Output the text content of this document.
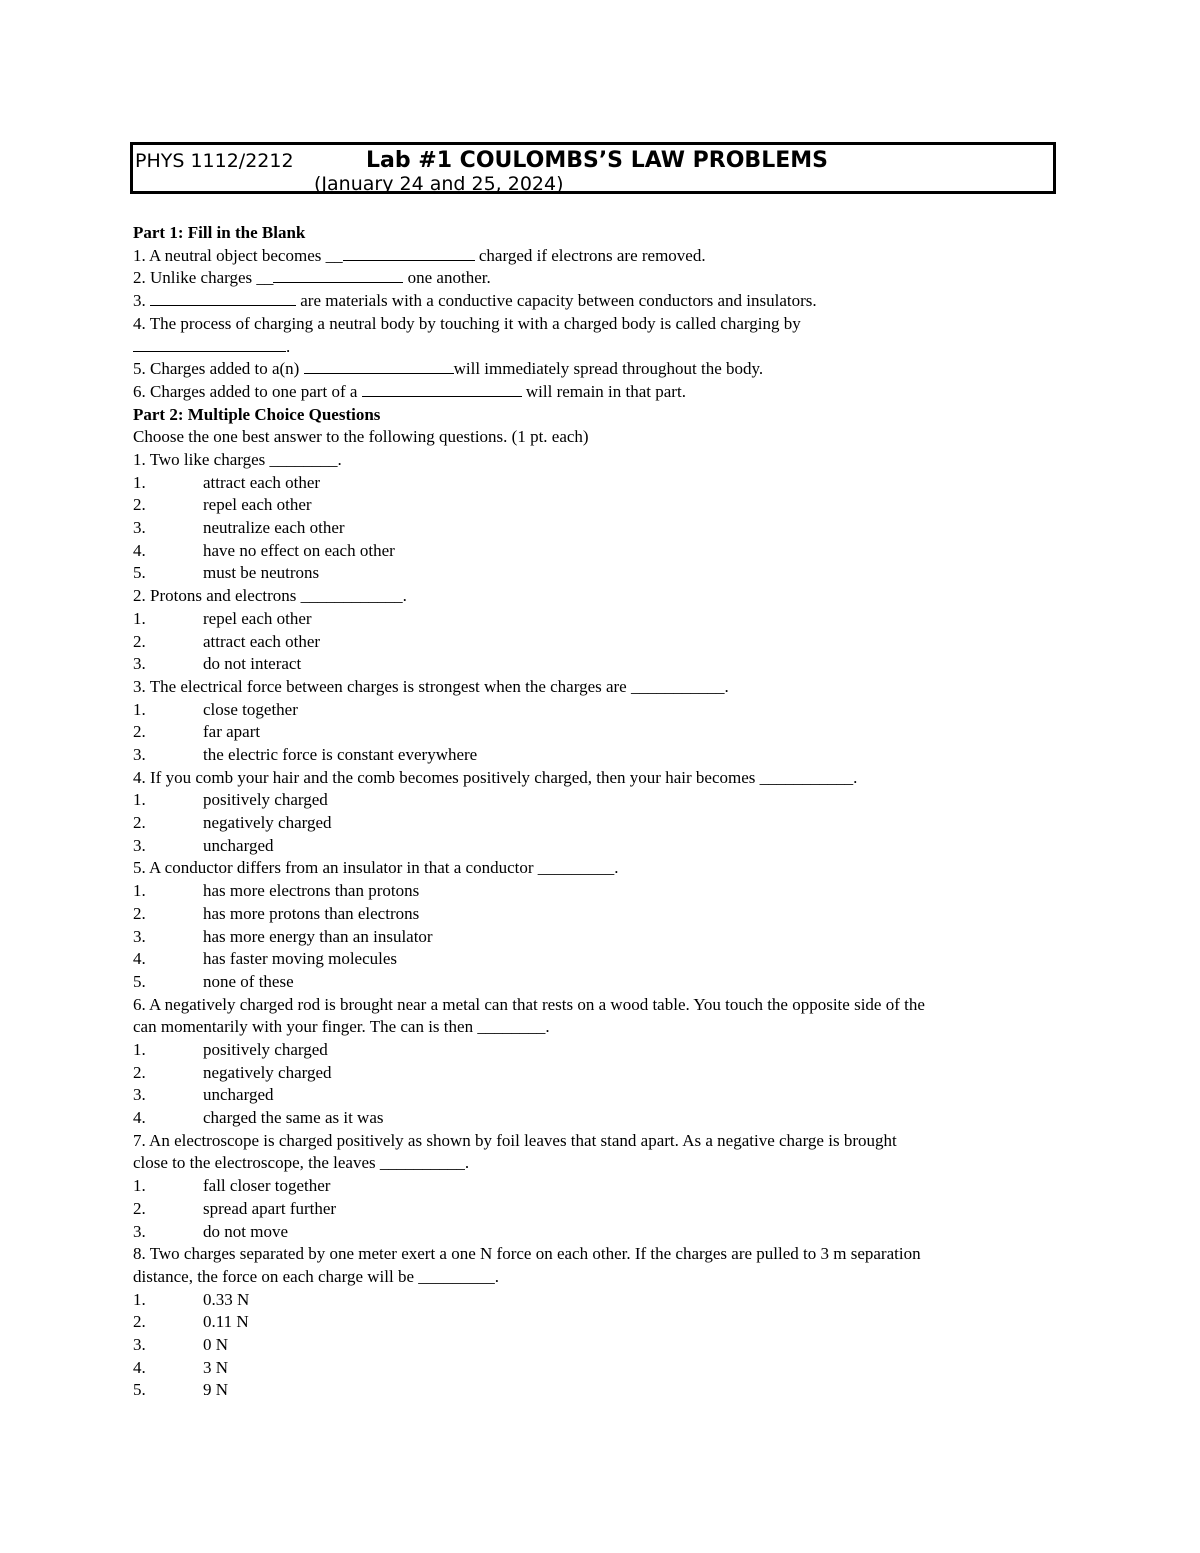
PHYS 1112/2212	Lab #1 COULOMBS’S LAW PROBLEMS
(January 24 and 25, 2024)
Part 1: Fill in the Blank
1. A neutral object becomes __	charged if electrons are removed.
2. Unlike charges __	one another.
3.	are materials with a conductive capacity between conductors and insulators.
4. The process of charging a neutral body by touching it with a charged body is called charging by
.
5. Charges added to a(n)	will immediately spread throughout the body.
6. Charges added to one part of a	will remain in that part.
Part 2: Multiple Choice Questions
Choose the one best answer to the following questions. (1 pt. each)
1. Two like charges ________.
1.	attract each other
2.	repel each other
3.	neutralize each other
4.	have no effect on each other
5.	must be neutrons
2. Protons and electrons ____________.
1.	repel each other
2.	attract each other
3.	do not interact
3. The electrical force between charges is strongest when the charges are ___________.
1.	close together
2.	far apart
3.	the electric force is constant everywhere
4. If you comb your hair and the comb becomes positively charged, then your hair becomes ___________.
1.	positively charged
2.	negatively charged
3.	uncharged
5. A conductor differs from an insulator in that a conductor _________.
1.	has more electrons than protons
2.	has more protons than electrons
3.	has more energy than an insulator
4.	has faster moving molecules
5.	none of these
6. A negatively charged rod is brought near a metal can that rests on a wood table. You touch the opposite side of the
can momentarily with your finger. The can is then ________.
1.	positively charged
2.	negatively charged
3.	uncharged
4.	charged the same as it was
7. An electroscope is charged positively as shown by foil leaves that stand apart. As a negative charge is brought
close to the electroscope, the leaves __________.
1.	fall closer together
2.	spread apart further
3.	do not move
8. Two charges separated by one meter exert a one N force on each other. If the charges are pulled to 3 m separation
distance, the force on each charge will be _________.
1.	0.33 N
2.	0.11 N
3.	0 N
4.	3 N
5.	9 N
